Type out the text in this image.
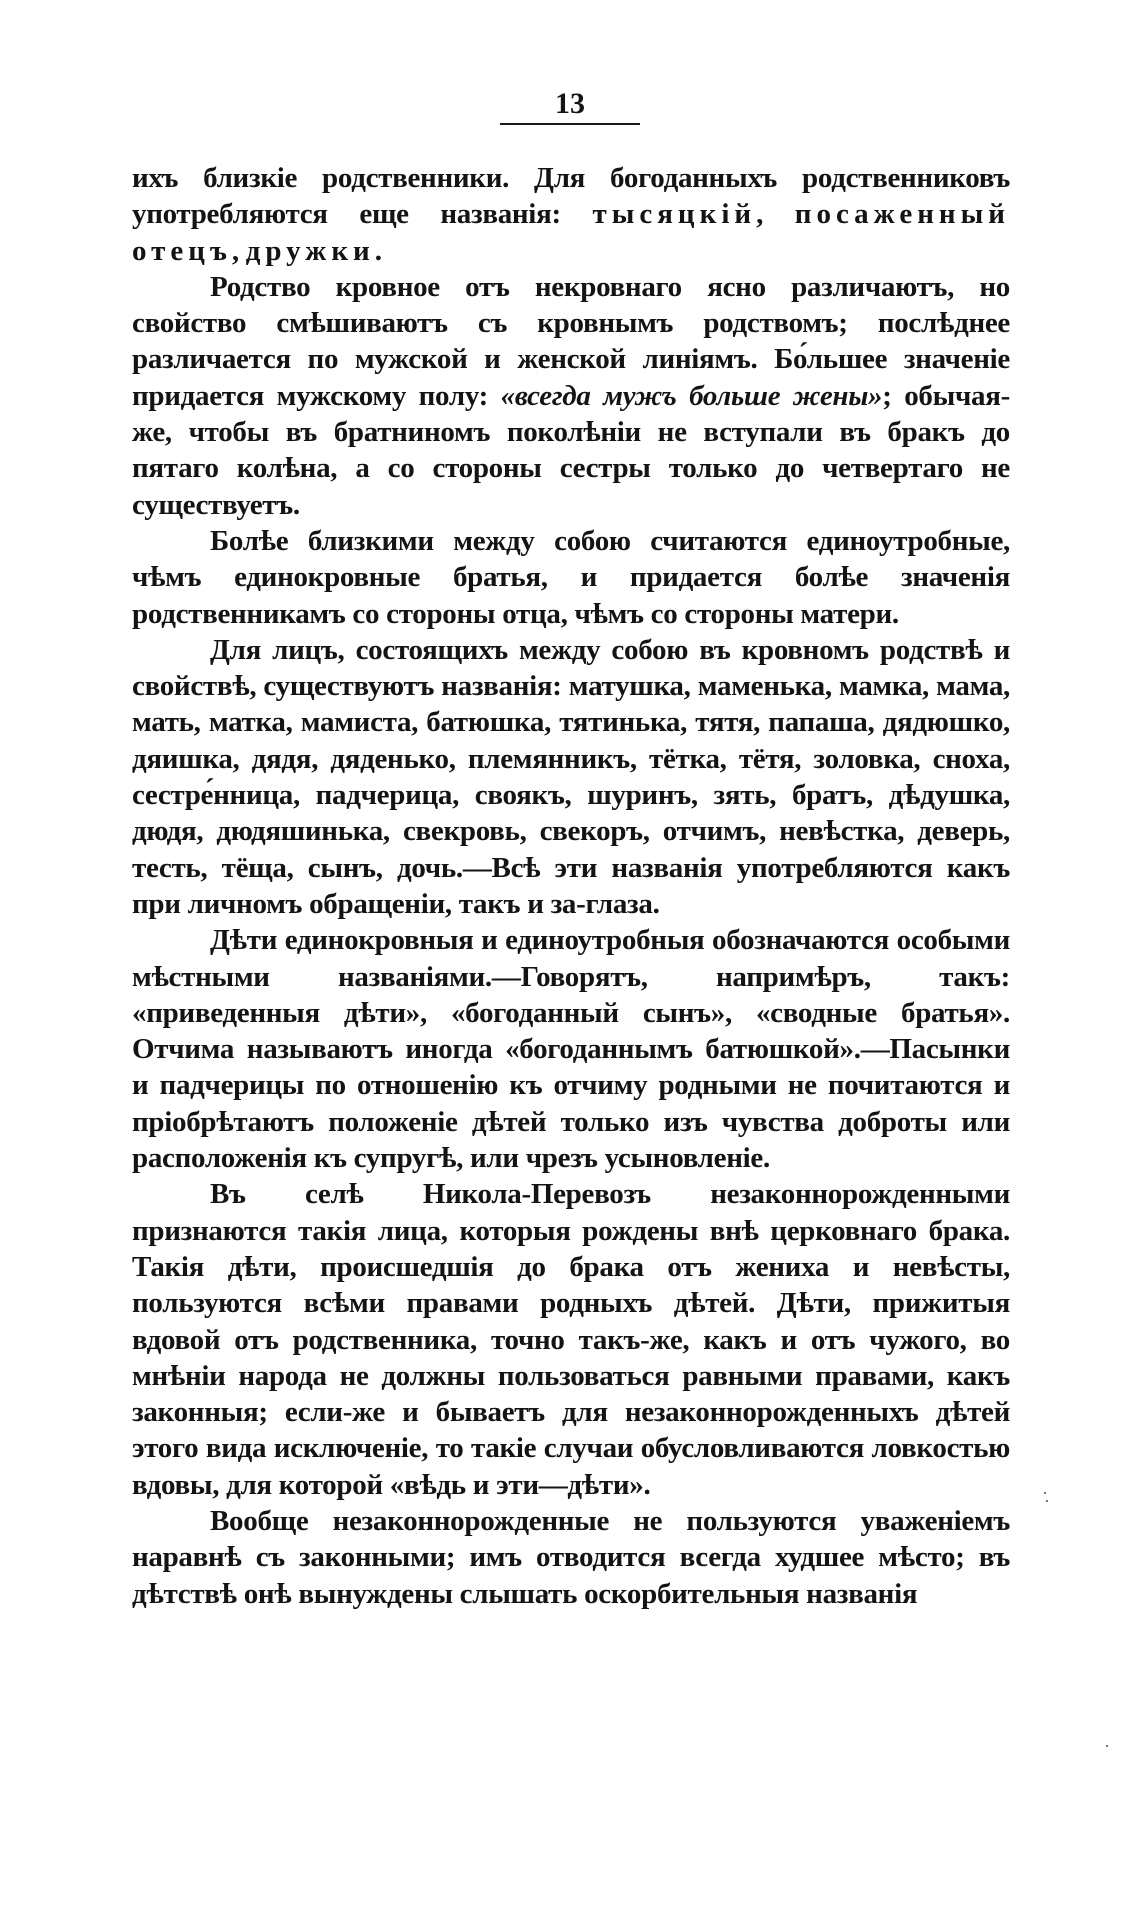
13

ихъ близкіе родственники. Для богоданныхъ родственниковъ употребляются еще названія: тысяцкій, посаженный отецъ, дружки.

Родство кровное отъ некровнаго ясно различаютъ, но свойство смѣшиваютъ съ кровнымъ родствомъ; послѣднее различается по мужской и женской линіямъ. Бо́льшее значеніе придается мужскому полу: «всегда мужъ больше жены»; обычая-же, чтобы въ братниномъ поколѣніи не вступали въ бракъ до пятаго колѣна, а со стороны сестры только до четвертаго не существуетъ.

Болѣе близкими между собою считаются единоутробные, чѣмъ единокровные братья, и придается болѣе значенія родственникамъ со стороны отца, чѣмъ со стороны матери.

Для лицъ, состоящихъ между собою въ кровномъ родствѣ и свойствѣ, существуютъ названія: матушка, маменька, мамка, мама, мать, матка, мамиста, батюшка, тятинька, тятя, папаша, дядюшко, дяишка, дядя, дяденько, племянникъ, тётка, тётя, золовка, сноха, сестре́нница, падчерица, своякъ, шуринъ, зять, братъ, дѣдушка, дюдя, дюдяшинька, свекровь, свекоръ, отчимъ, невѣстка, деверь, тесть, тёща, сынъ, дочь.—Всѣ эти названія употребляются какъ при личномъ обращеніи, такъ и за-глаза.

Дѣти единокровныя и единоутробныя обозначаются особыми мѣстными названіями.—Говорятъ, напримѣръ, такъ: «приведенныя дѣти», «богоданный сынъ», «сводные братья». Отчима называютъ иногда «богоданнымъ батюшкой».—Пасынки и падчерицы по отношенію къ отчиму родными не почитаются и пріобрѣтаютъ положеніе дѣтей только изъ чувства доброты или расположенія къ супругѣ, или чрезъ усыновленіе.

Въ селѣ Никола-Перевозъ незаконнорожденными признаются такія лица, которыя рождены внѣ церковнаго брака. Такія дѣти, происшедшія до брака отъ жениха и невѣсты, пользуются всѣми правами родныхъ дѣтей. Дѣти, прижитыя вдовой отъ родственника, точно такъ-же, какъ и отъ чужого, во мнѣніи народа не должны пользоваться равными правами, какъ законныя; если-же и бываетъ для незаконнорожденныхъ дѣтей этого вида исключеніе, то такіе случаи обусловливаются ловкостью вдовы, для которой «вѣдь и эти—дѣти».

Вообще незаконнорожденные не пользуются уваженіемъ наравнѣ съ законными; имъ отводится всегда худшее мѣсто; въ дѣтствѣ онѣ вынуждены слышать оскорбительныя названія
